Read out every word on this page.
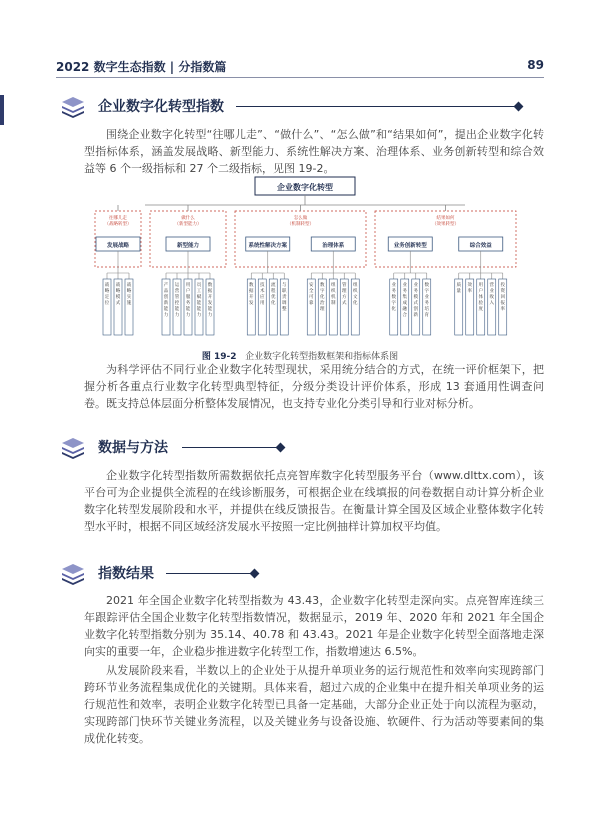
2022 数字生态指数 | 分指数篇	89
企业数字化转型指数

围绕企业数字化转型“往哪儿走”、“做什么”、“怎么做”和“结果如何”，提出企业数字化转型指标体系，涵盖发展战略、新型能力、系统性解决方案、治理体系、业务创新转型和综合效益等 6 个一级指标和 27 个二级指标，见图 19-2。

企业数字化转型
往哪儿走
（战略转型）
发展战略
战
略
定
位
战
略
模
式
战
略
实
施
做什么
（新型能力）
新型能力
产
品
创
新
能
力
运
营
管
控
能
力
用
户
服
务
能
力
员
工
赋
能
能
力
数
据
开
发
能
力
怎么做
（机制转型）
系统性解决方案
数
据
开
发
技
术
应
用
流
程
优
化
与
职
责
调
整
治理体系
安
全
可
靠
数
字
化
治
理
组
织
机
制
管
理
方
式
组
织
文
化
结果如何
（效果转型）
业务创新转型
业
务
数
字
化
业
务
集
成
融
合
业
务
模
式
创
新
数
字
业
务
培
育
综合效益
质
量
效
率
用
户
体
验
度
营
业
收
入
投
资
回
报
率
图 19-2 企业数字化转型指数框架和指标体系图

为科学评估不同行业企业数字化转型现状，采用统分结合的方式，在统一评价框架下，把握分析各重点行业数字化转型典型特征，分级分类设计评价体系，形成 13 套通用性调查问卷。既支持总体层面分析整体发展情况，也支持专业化分类引导和行业对标分析。

数据与方法

企业数字化转型指数所需数据依托点亮智库数字化转型服务平台（www.dlttx.com），该平台可为企业提供全流程的在线诊断服务，可根据企业在线填报的问卷数据自动计算分析企业数字化转型发展阶段和水平，并提供在线反馈报告。在衡量计算全国及区域企业整体数字化转型水平时，根据不同区域经济发展水平按照一定比例抽样计算加权平均值。

指数结果

2021 年全国企业数字化转型指数为 43.43，企业数字化转型走深向实。点亮智库连续三年跟踪评估全国企业数字化转型指数情况，数据显示，2019 年、2020 年和 2021 年全国企业数字化转型指数分别为 35.14、40.78 和 43.43。2021 年是企业数字化转型全面落地走深向实的重要一年，企业稳步推进数字化转型工作，指数增速达 6.5%。

从发展阶段来看，半数以上的企业处于从提升单项业务的运行规范性和效率向实现跨部门跨环节业务流程集成优化的关键期。具体来看，超过六成的企业集中在提升相关单项业务的运行规范性和效率，表明企业数字化转型已具备一定基础，大部分企业正处于向以流程为驱动，实现跨部门快环节关键业务流程，以及关键业务与设备设施、软硬件、行为活动等要素间的集成优化转变。
